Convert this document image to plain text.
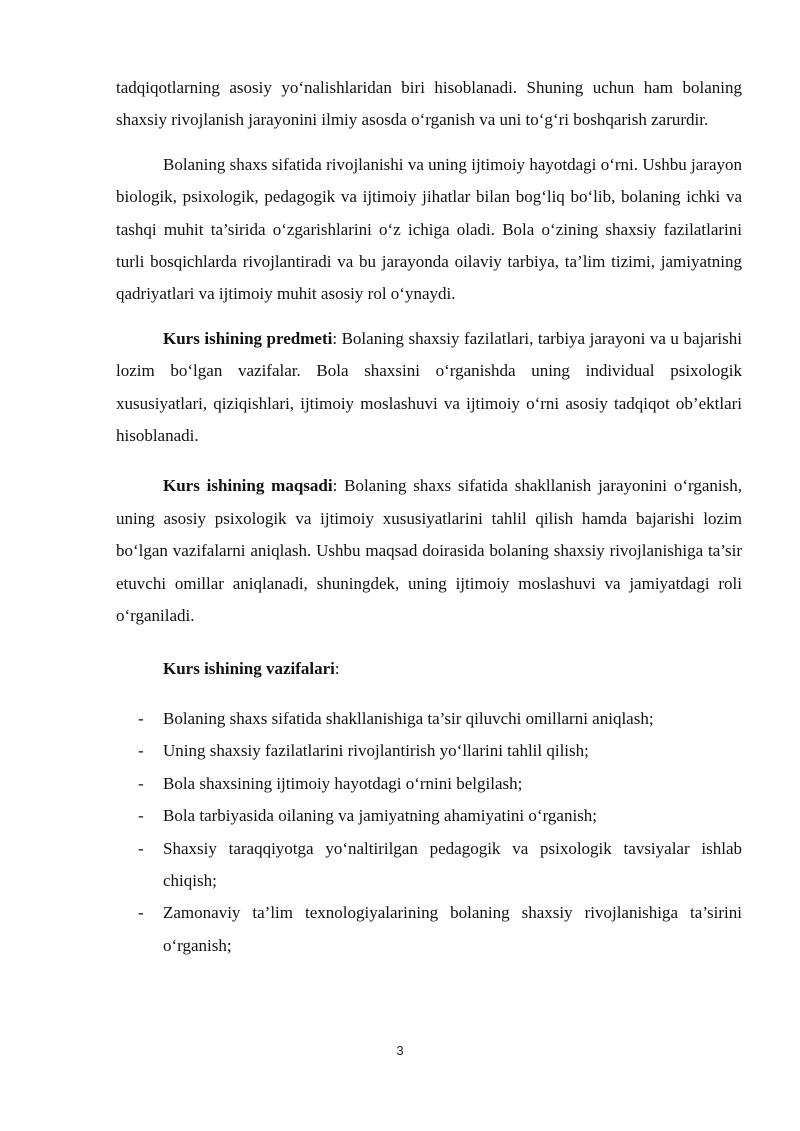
tadqiqotlarning asosiy yo‘nalishlaridan biri hisoblanadi. Shuning uchun ham bolaning shaxsiy rivojlanish jarayonini ilmiy asosda o‘rganish va uni to‘g‘ri boshqarish zarurdir.

Bolaning shaxs sifatida rivojlanishi va uning ijtimoiy hayotdagi o‘rni. Ushbu jarayon biologik, psixologik, pedagogik va ijtimoiy jihatlar bilan bog‘liq bo‘lib, bolaning ichki va tashqi muhit ta’sirida o‘zgarishlarini o‘z ichiga oladi. Bola o‘zining shaxsiy fazilatlarini turli bosqichlarda rivojlantiradi va bu jarayonda oilaviy tarbiya, ta’lim tizimi, jamiyatning qadriyatlari va ijtimoiy muhit asosiy rol o‘ynaydi.

Kurs ishining predmeti: Bolaning shaxsiy fazilatlari, tarbiya jarayoni va u bajarishi lozim bo‘lgan vazifalar. Bola shaxsini o‘rganishda uning individual psixologik xususiyatlari, qiziqishlari, ijtimoiy moslashuvi va ijtimoiy o‘rni asosiy tadqiqot ob’ektlari hisoblanadi.

Kurs ishining maqsadi: Bolaning shaxs sifatida shakllanish jarayonini o‘rganish, uning asosiy psixologik va ijtimoiy xususiyatlarini tahlil qilish hamda bajarishi lozim bo‘lgan vazifalarni aniqlash. Ushbu maqsad doirasida bolaning shaxsiy rivojlanishiga ta’sir etuvchi omillar aniqlanadi, shuningdek, uning ijtimoiy moslashuvi va jamiyatdagi roli o‘rganiladi.

Kurs ishining vazifalari:

- Bolaning shaxs sifatida shakllanishiga ta’sir qiluvchi omillarni aniqlash;
- Uning shaxsiy fazilatlarini rivojlantirish yo‘llarini tahlil qilish;
- Bola shaxsining ijtimoiy hayotdagi o‘rnini belgilash;
- Bola tarbiyasida oilaning va jamiyatning ahamiyatini o‘rganish;
- Shaxsiy taraqqiyotga yo‘naltirilgan pedagogik va psixologik tavsiyalar ishlab chiqish;
- Zamonaviy ta’lim texnologiyalarining bolaning shaxsiy rivojlanishiga ta’sirini o‘rganish;
3
